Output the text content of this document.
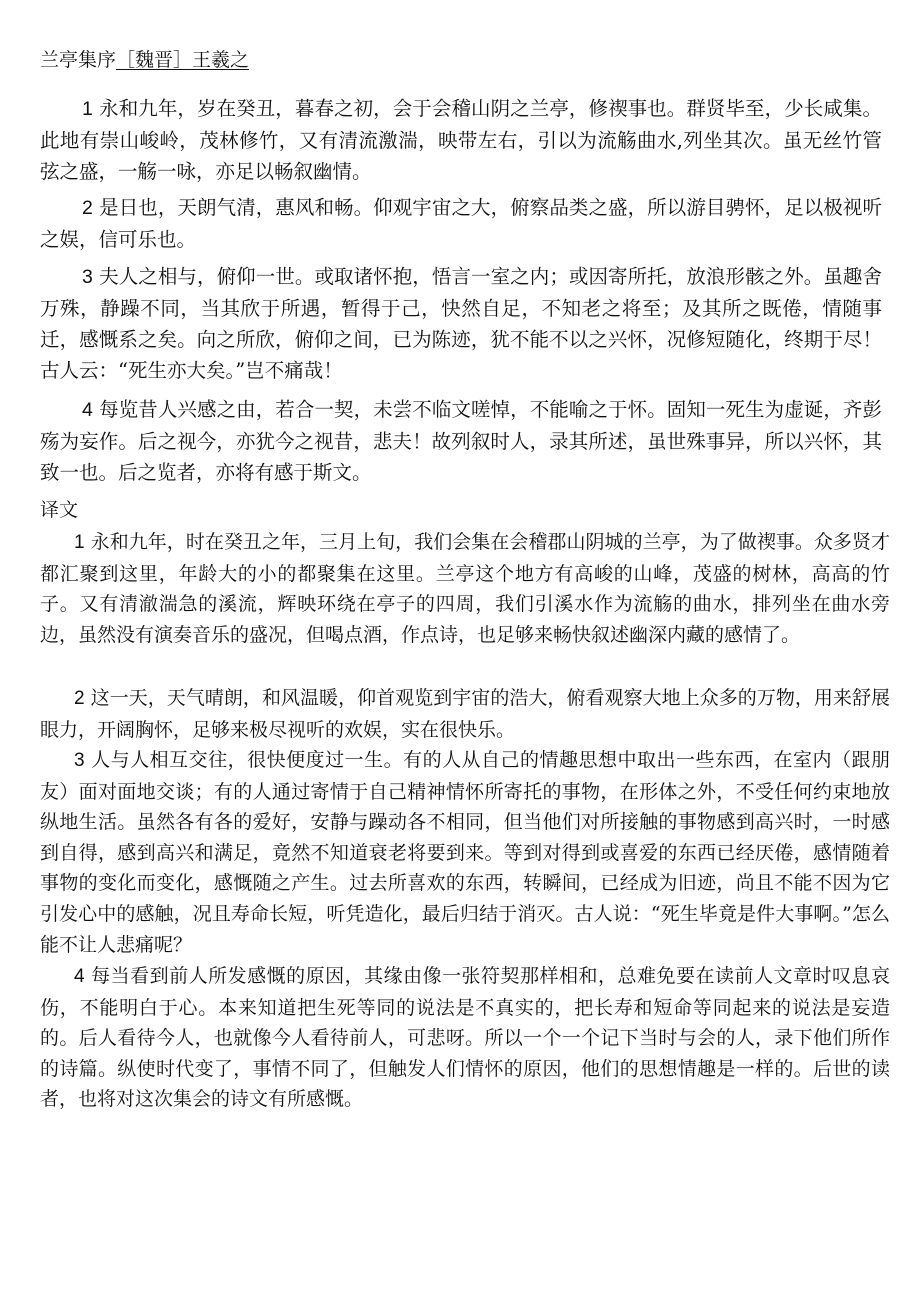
兰亭集序［魏晋］王羲之

1 永和九年，岁在癸丑，暮春之初，会于会稽山阴之兰亭，修禊事也。群贤毕至，少长咸集。此地有崇山峻岭，茂林修竹，又有清流激湍，映带左右，引以为流觞曲水,列坐其次。虽无丝竹管弦之盛，一觞一咏，亦足以畅叙幽情。

2 是日也，天朗气清，惠风和畅。仰观宇宙之大，俯察品类之盛，所以游目骋怀，足以极视听之娱，信可乐也。

3 夫人之相与，俯仰一世。或取诸怀抱，悟言一室之内；或因寄所托，放浪形骸之外。虽趣舍万殊，静躁不同，当其欣于所遇，暂得于己，快然自足，不知老之将至；及其所之既倦，情随事迁，感慨系之矣。向之所欣，俯仰之间，已为陈迹，犹不能不以之兴怀，况修短随化，终期于尽！古人云：“死生亦大矣。”岂不痛哉！

4 每览昔人兴感之由，若合一契，未尝不临文嗟悼，不能喻之于怀。固知一死生为虚诞，齐彭殇为妄作。后之视今，亦犹今之视昔，悲夫！故列叙时人，录其所述，虽世殊事异，所以兴怀，其致一也。后之览者，亦将有感于斯文。

译文

1 永和九年，时在癸丑之年，三月上旬，我们会集在会稽郡山阴城的兰亭，为了做禊事。众多贤才都汇聚到这里，年龄大的小的都聚集在这里。兰亭这个地方有高峻的山峰，茂盛的树林，高高的竹子。又有清澈湍急的溪流，辉映环绕在亭子的四周，我们引溪水作为流觞的曲水，排列坐在曲水旁边，虽然没有演奏音乐的盛况，但喝点酒，作点诗，也足够来畅快叙述幽深内藏的感情了。

2 这一天，天气晴朗，和风温暖，仰首观览到宇宙的浩大，俯看观察大地上众多的万物，用来舒展眼力，开阔胸怀，足够来极尽视听的欢娱，实在很快乐。

3 人与人相互交往，很快便度过一生。有的人从自己的情趣思想中取出一些东西，在室内（跟朋友）面对面地交谈；有的人通过寄情于自己精神情怀所寄托的事物，在形体之外，不受任何约束地放纵地生活。虽然各有各的爱好，安静与躁动各不相同，但当他们对所接触的事物感到高兴时，一时感到自得，感到高兴和满足，竟然不知道衰老将要到来。等到对得到或喜爱的东西已经厌倦，感情随着事物的变化而变化，感慨随之产生。过去所喜欢的东西，转瞬间，已经成为旧迹，尚且不能不因为它引发心中的感触，况且寿命长短，听凭造化，最后归结于消灭。古人说：“死生毕竟是件大事啊。”怎么能不让人悲痛呢？

4 每当看到前人所发感慨的原因，其缘由像一张符契那样相和，总难免要在读前人文章时叹息哀伤，不能明白于心。本来知道把生死等同的说法是不真实的，把长寿和短命等同起来的说法是妄造的。后人看待今人，也就像今人看待前人，可悲呀。所以一个一个记下当时与会的人，录下他们所作的诗篇。纵使时代变了，事情不同了，但触发人们情怀的原因，他们的思想情趣是一样的。后世的读者，也将对这次集会的诗文有所感慨。
